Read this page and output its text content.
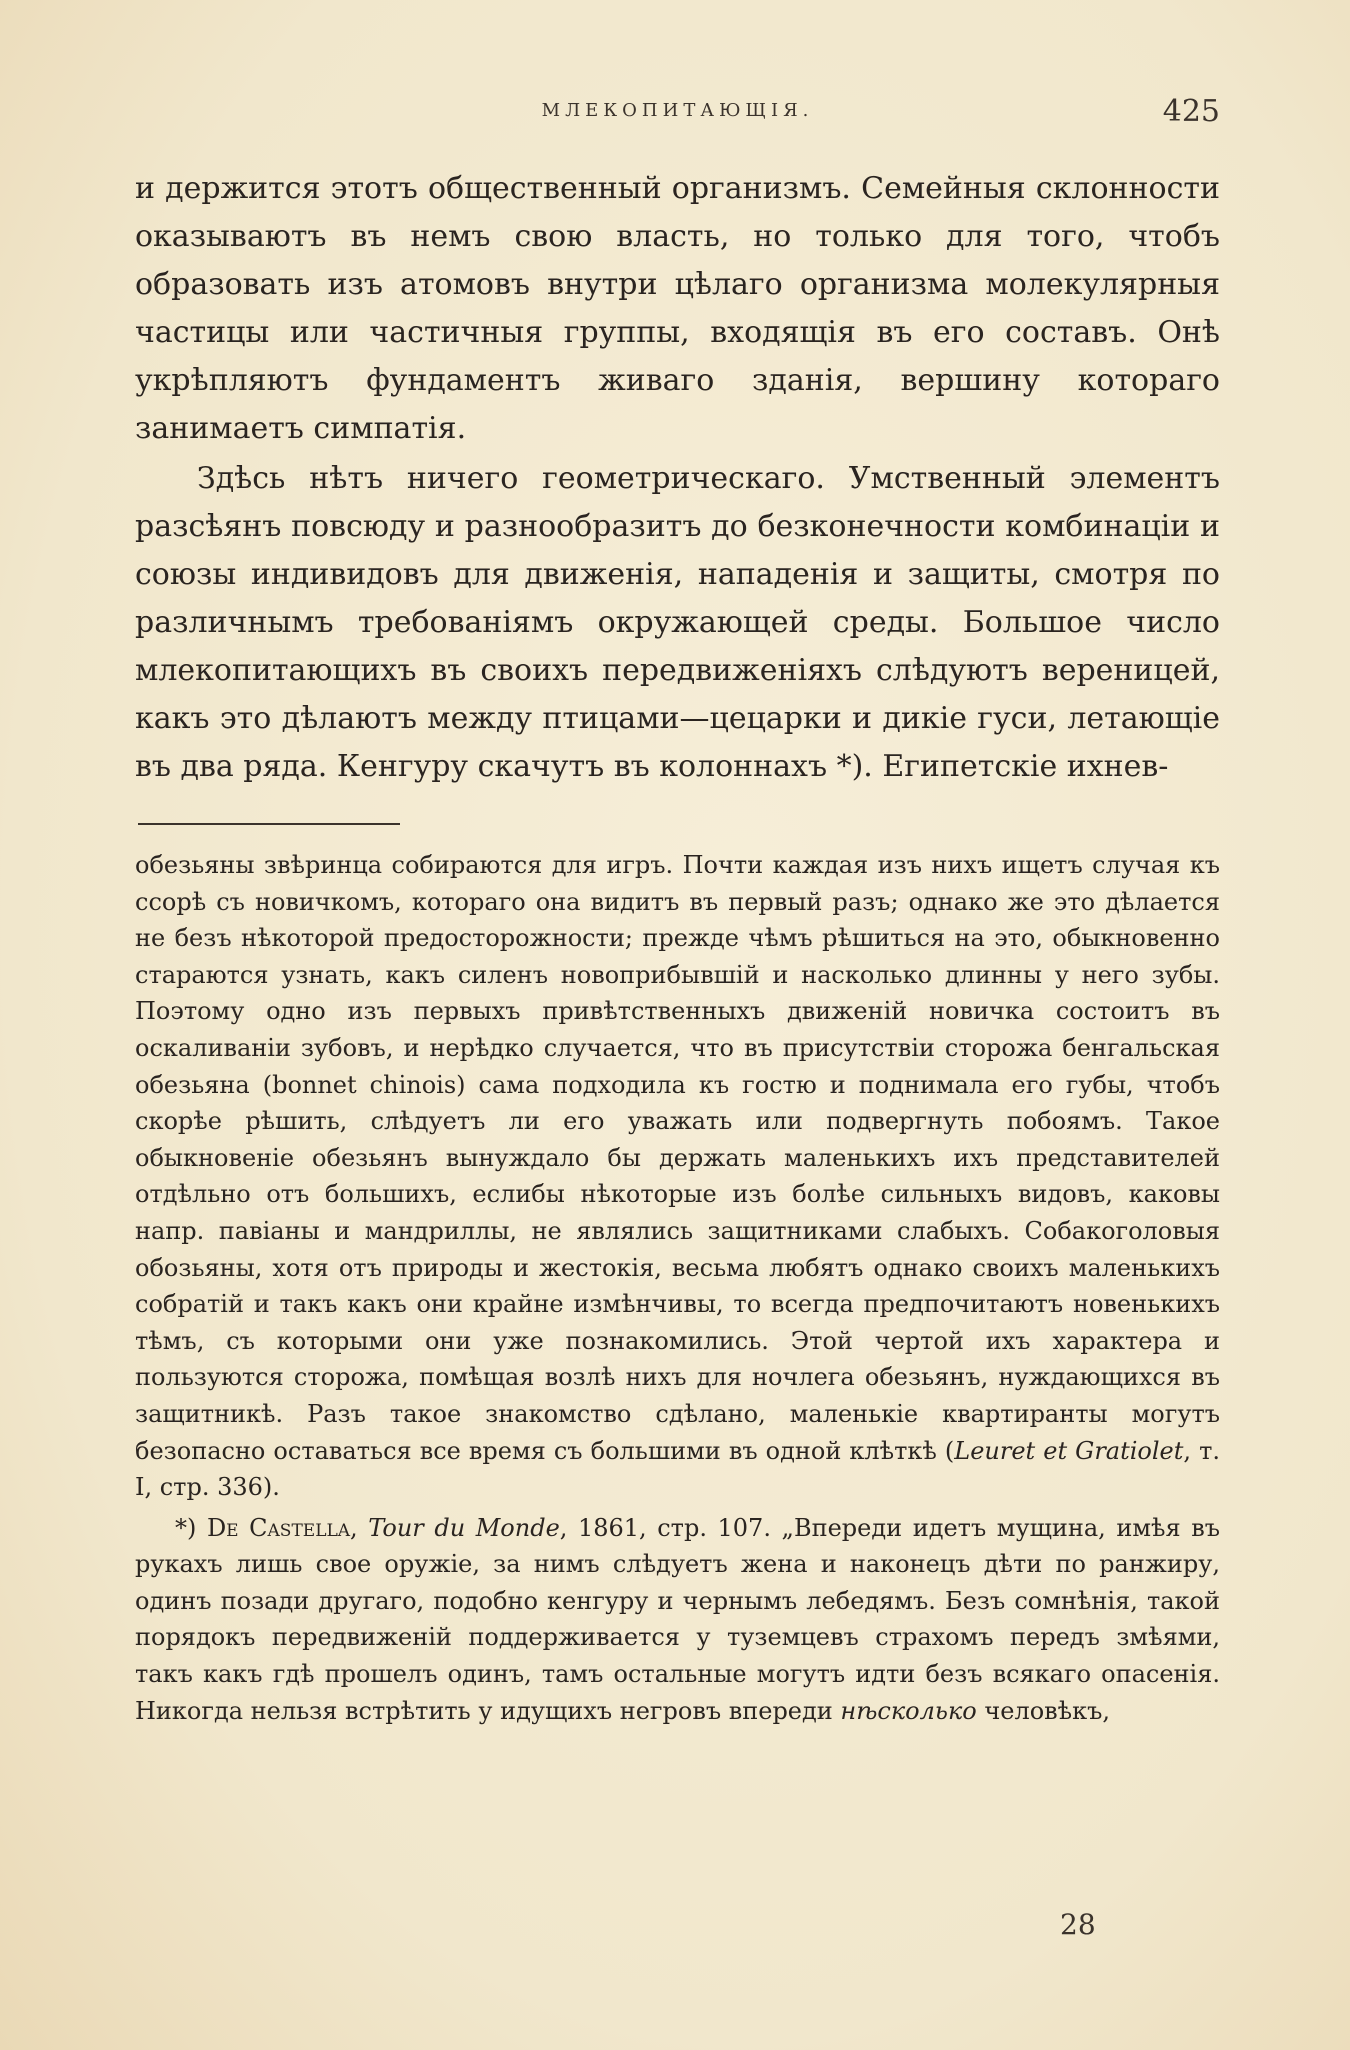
МЛЕКОПИТАЮЩІЯ.	425

и держится этотъ общественный организмъ. Семейныя склонности оказываютъ въ немъ свою власть, но только для того, чтобъ образовать изъ атомовъ внутри цѣлаго организма молекулярныя частицы или частичныя группы, входящія въ его составъ. Онѣ укрѣпляютъ фундаментъ живаго зданія, вершину котораго занимаетъ симпатія.

Здѣсь нѣтъ ничего геометрическаго. Умственный элементъ разсѣянъ повсюду и разнообразитъ до безконечности комбинаціи и союзы индивидовъ для движенія, нападенія и защиты, смотря по различнымъ требованіямъ окружающей среды. Большое число млекопитающихъ въ своихъ передвиженіяхъ слѣдуютъ вереницей, какъ это дѣлаютъ между птицами—цецарки и дикіе гуси, летающіе въ два ряда. Кенгуру скачутъ въ колоннахъ *). Египетскіе ихнев-

обезьяны звѣринца собираются для игръ. Почти каждая изъ нихъ ищетъ случая къ ссорѣ съ новичкомъ, котораго она видитъ въ первый разъ; однако же это дѣлается не безъ нѣкоторой предосторожности; прежде чѣмъ рѣшиться на это, обыкновенно стараются узнать, какъ силенъ новоприбывшій и насколько длинны у него зубы. Поэтому одно изъ первыхъ привѣтственныхъ движеній новичка состоитъ въ оскаливаніи зубовъ, и нерѣдко случается, что въ присутствіи сторожа бенгальская обезьяна (bonnet chinois) сама подходила къ гостю и поднимала его губы, чтобъ скорѣе рѣшить, слѣдуетъ ли его уважать или подвергнуть побоямъ. Такое обыкновеніе обезьянъ вынуждало бы держать маленькихъ ихъ представителей отдѣльно отъ большихъ, еслибы нѣкоторые изъ болѣе сильныхъ видовъ, каковы напр. павіаны и мандриллы, не являлись защитниками слабыхъ. Собакоголовыя обозьяны, хотя отъ природы и жестокія, весьма любятъ однако своихъ маленькихъ собратій и такъ какъ они крайне измѣнчивы, то всегда предпочитаютъ новенькихъ тѣмъ, съ которыми они уже познакомились. Этой чертой ихъ характера и пользуются сторожа, помѣщая возлѣ нихъ для ночлега обезьянъ, нуждающихся въ защитникѣ. Разъ такое знакомство сдѣлано, маленькіе квартиранты могутъ безопасно оставаться все время съ большими въ одной клѣткѣ (Leuret et Gratiolet, т. I, стр. 336).

*) De Castella, Tour du Monde, 1861, стр. 107. „Впереди идетъ мущина, имѣя въ рукахъ лишь свое оружіе, за нимъ слѣдуетъ жена и наконецъ дѣти по ранжиру, одинъ позади другаго, подобно кенгуру и чернымъ лебедямъ. Безъ сомнѣнія, такой порядокъ передвиженій поддерживается у туземцевъ страхомъ передъ змѣями, такъ какъ гдѣ прошелъ одинъ, тамъ остальные могутъ идти безъ всякаго опасенія. Никогда нельзя встрѣтить у идущихъ негровъ впереди нѣсколько человѣкъ,

28
